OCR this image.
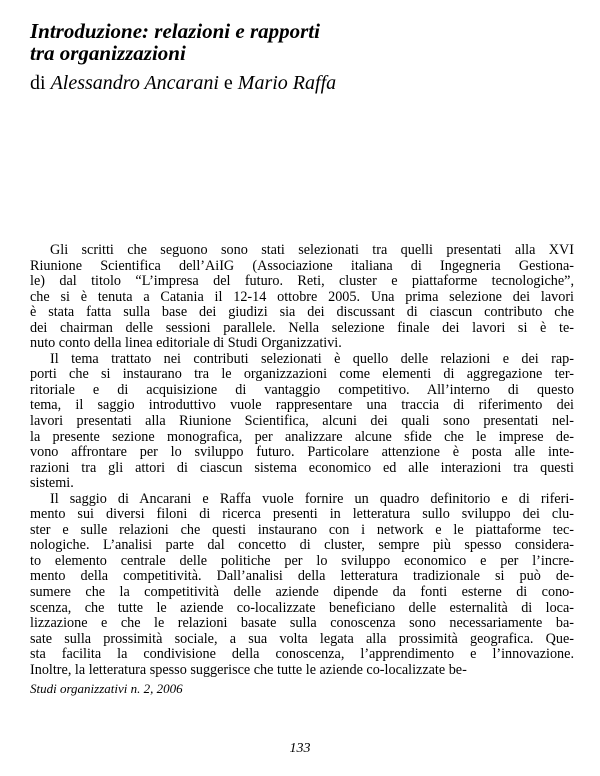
Introduzione: relazioni e rapporti
tra organizzazioni

di Alessandro Ancarani e Mario Raffa

Gli scritti che seguono sono stati selezionati tra quelli presentati alla XVI
Riunione Scientifica dell’AiIG (Associazione italiana di Ingegneria Gestiona-
le) dal titolo “L’impresa del futuro. Reti, cluster e piattaforme tecnologiche”,
che si è tenuta a Catania il 12-14 ottobre 2005. Una prima selezione dei lavori
è stata fatta sulla base dei giudizi sia dei discussant di ciascun contributo che
dei chairman delle sessioni parallele. Nella selezione finale dei lavori si è te-
nuto conto della linea editoriale di Studi Organizzativi.
Il tema trattato nei contributi selezionati è quello delle relazioni e dei rap-
porti che si instaurano tra le organizzazioni come elementi di aggregazione ter-
ritoriale e di acquisizione di vantaggio competitivo. All’interno di questo
tema, il saggio introduttivo vuole rappresentare una traccia di riferimento dei
lavori presentati alla Riunione Scientifica, alcuni dei quali sono presentati nel-
la presente sezione monografica, per analizzare alcune sfide che le imprese de-
vono affrontare per lo sviluppo futuro. Particolare attenzione è posta alle inte-
razioni tra gli attori di ciascun sistema economico ed alle interazioni tra questi
sistemi.
Il saggio di Ancarani e Raffa vuole fornire un quadro definitorio e di riferi-
mento sui diversi filoni di ricerca presenti in letteratura sullo sviluppo dei clu-
ster e sulle relazioni che questi instaurano con i network e le piattaforme tec-
nologiche. L’analisi parte dal concetto di cluster, sempre più spesso considera-
to elemento centrale delle politiche per lo sviluppo economico e per l’incre-
mento della competitività. Dall’analisi della letteratura tradizionale si può de-
sumere che la competitività delle aziende dipende da fonti esterne di cono-
scenza, che tutte le aziende co-localizzate beneficiano delle esternalità di loca-
lizzazione e che le relazioni basate sulla conoscenza sono necessariamente ba-
sate sulla prossimità sociale, a sua volta legata alla prossimità geografica. Que-
sta facilita la condivisione della conoscenza, l’apprendimento e l’innovazione.
Inoltre, la letteratura spesso suggerisce che tutte le aziende co-localizzate be-

Studi organizzativi n. 2, 2006

133
